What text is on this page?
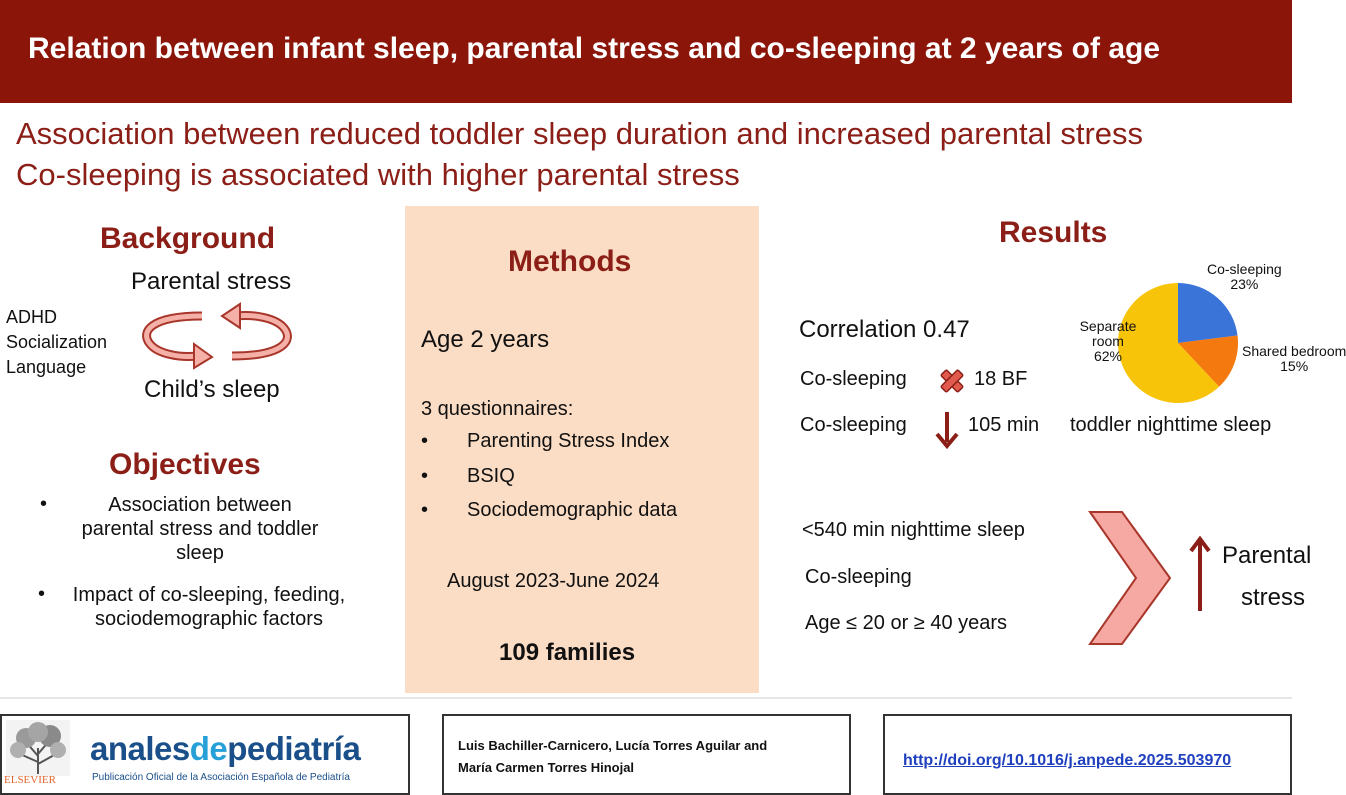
Relation between infant sleep, parental stress and co-sleeping at 2 years of age
Association between reduced toddler sleep duration and increased parental stress
Co-sleeping is associated with higher parental stress
Background
Parental stress
ADHD
Socialization
Language
Child’s sleep
Objectives
•	Association between parental stress and toddler sleep
•	Impact of co-sleeping, feeding, sociodemographic factors
Methods
Age 2 years
3 questionnaires:
• Parenting Stress Index
• BSIQ
• Sociodemographic data
August 2023-June 2024
109 families
Results
Correlation 0.47
Co-sleeping	18 BF
Co-sleeping	105 min toddler nighttime sleep
Co-sleeping
23%
Shared bedroom
15%
Separate room
62%
<540 min nighttime sleep
Co-sleeping
Age ≤ 20 or ≥ 40 years
Parental
stress
ELSEVIER
analesdepediatría
Publicación Oficial de la Asociación Española de Pediatría
Luis Bachiller-Carnicero, Lucía Torres Aguilar and
María Carmen Torres Hinojal	http://doi.org/10.1016/j.anpede.2025.503970
